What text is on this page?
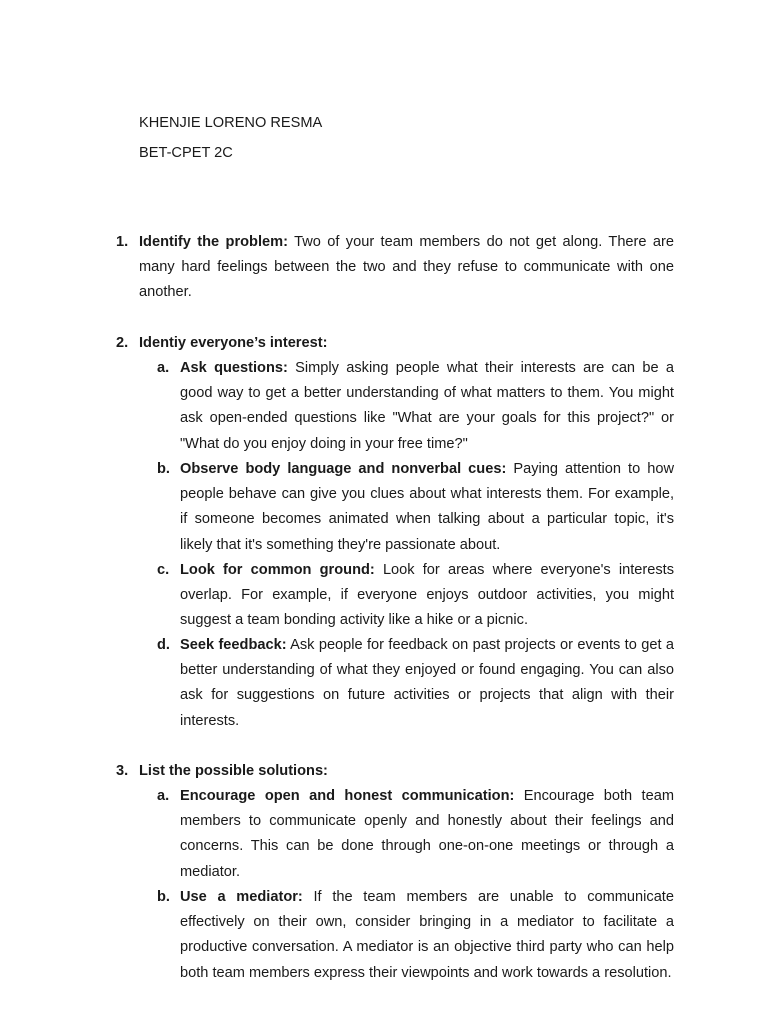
KHENJIE LORENO RESMA

BET-CPET 2C

1. Identify the problem: Two of your team members do not get along. There are many hard feelings between the two and they refuse to communicate with one another.

2. Identiy everyone’s interest:

a. Ask questions: Simply asking people what their interests are can be a good way to get a better understanding of what matters to them. You might ask open-ended questions like "What are your goals for this project?" or "What do you enjoy doing in your free time?"

b. Observe body language and nonverbal cues: Paying attention to how people behave can give you clues about what interests them. For example, if someone becomes animated when talking about a particular topic, it's likely that it's something they're passionate about.

c. Look for common ground: Look for areas where everyone's interests overlap. For example, if everyone enjoys outdoor activities, you might suggest a team bonding activity like a hike or a picnic.

d. Seek feedback: Ask people for feedback on past projects or events to get a better understanding of what they enjoyed or found engaging. You can also ask for suggestions on future activities or projects that align with their interests.

3. List the possible solutions:

a. Encourage open and honest communication: Encourage both team members to communicate openly and honestly about their feelings and concerns. This can be done through one-on-one meetings or through a mediator.

b. Use a mediator: If the team members are unable to communicate effectively on their own, consider bringing in a mediator to facilitate a productive conversation. A mediator is an objective third party who can help both team members express their viewpoints and work towards a resolution.
